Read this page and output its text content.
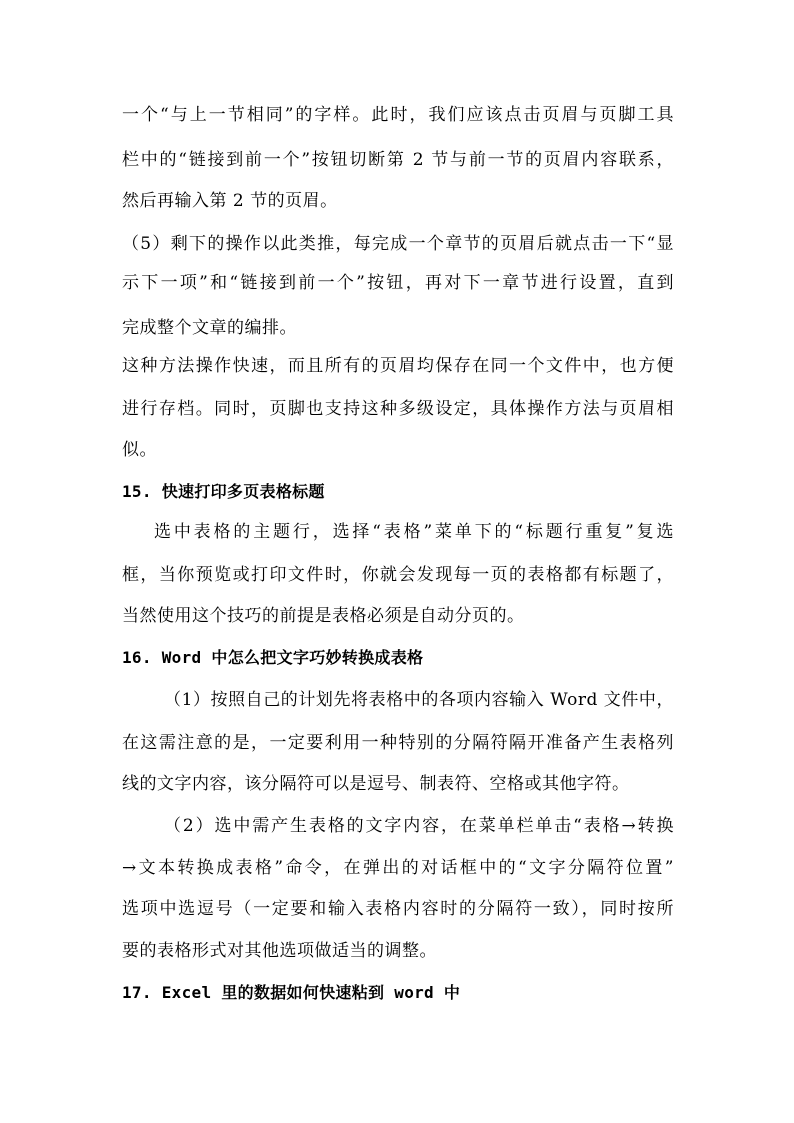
一个“与上一节相同”的字样。此时，我们应该点击页眉与页脚工具
栏中的“链接到前一个”按钮切断第 2 节与前一节的页眉内容联系，
然后再输入第 2 节的页眉。
（5）剩下的操作以此类推，每完成一个章节的页眉后就点击一下“显
示下一项”和“链接到前一个”按钮，再对下一章节进行设置，直到
完成整个文章的编排。
这种方法操作快速，而且所有的页眉均保存在同一个文件中，也方便
进行存档。同时，页脚也支持这种多级设定，具体操作方法与页眉相
似。
15. 快速打印多页表格标题
选中表格的主题行，选择“表格”菜单下的“标题行重复”复选
框，当你预览或打印文件时，你就会发现每一页的表格都有标题了，
当然使用这个技巧的前提是表格必须是自动分页的。
16. Word 中怎么把文字巧妙转换成表格
（1）按照自己的计划先将表格中的各项内容输入 Word 文件中，
在这需注意的是，一定要利用一种特别的分隔符隔开准备产生表格列
线的文字内容，该分隔符可以是逗号、制表符、空格或其他字符。
（2）选中需产生表格的文字内容，在菜单栏单击“表格→转换
→文本转换成表格”命令，在弹出的对话框中的“文字分隔符位置”
选项中选逗号（一定要和输入表格内容时的分隔符一致），同时按所
要的表格形式对其他选项做适当的调整。
17. Excel 里的数据如何快速粘到 word 中
